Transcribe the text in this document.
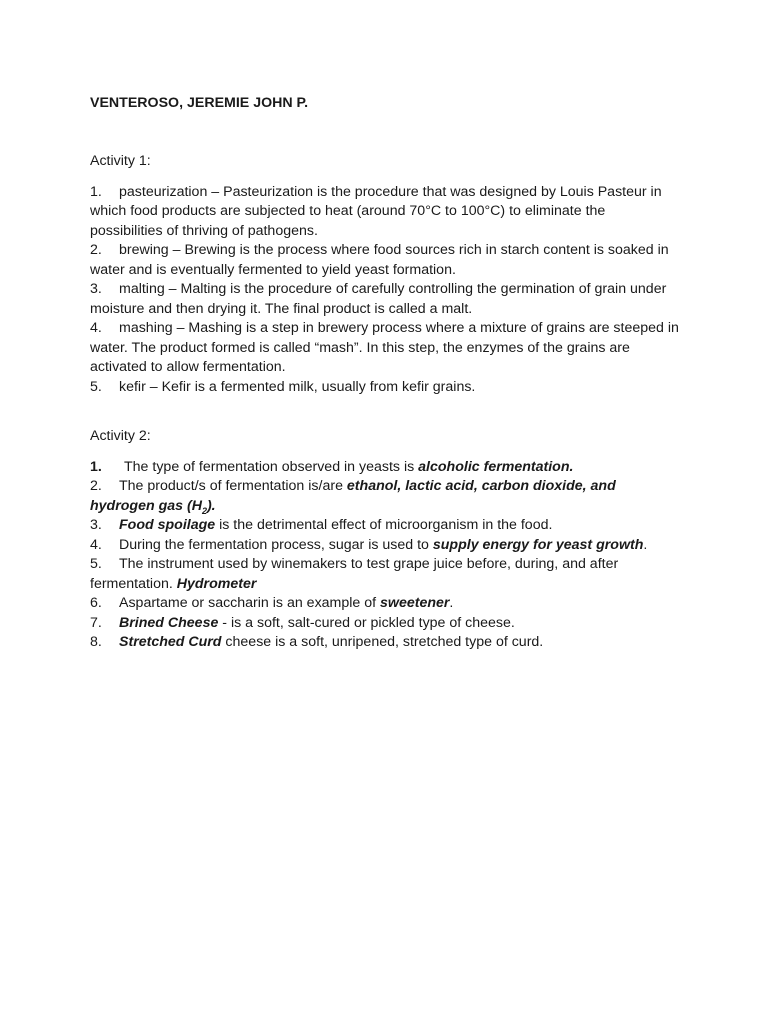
VENTEROSO, JEREMIE JOHN P.

Activity 1:

1. pasteurization – Pasteurization is the procedure that was designed by Louis Pasteur in which food products are subjected to heat (around 70°C to 100°C) to eliminate the possibilities of thriving of pathogens.
2. brewing – Brewing is the process where food sources rich in starch content is soaked in water and is eventually fermented to yield yeast formation.
3. malting – Malting is the procedure of carefully controlling the germination of grain under moisture and then drying it. The final product is called a malt.
4. mashing – Mashing is a step in brewery process where a mixture of grains are steeped in water. The product formed is called “mash”. In this step, the enzymes of the grains are activated to allow fermentation.
5. kefir – Kefir is a fermented milk, usually from kefir grains.

Activity 2:

1. The type of fermentation observed in yeasts is alcoholic fermentation.
2. The product/s of fermentation is/are ethanol, lactic acid, carbon dioxide, and hydrogen gas $(H_2)$.
3. Food spoilage is the detrimental effect of microorganism in the food.
4. During the fermentation process, sugar is used to supply energy for yeast growth.
5. The instrument used by winemakers to test grape juice before, during, and after fermentation. Hydrometer
6. Aspartame or saccharin is an example of sweetener.
7. Brined Cheese - is a soft, salt-cured or pickled type of cheese.
8. Stretched Curd cheese is a soft, unripened, stretched type of curd.
